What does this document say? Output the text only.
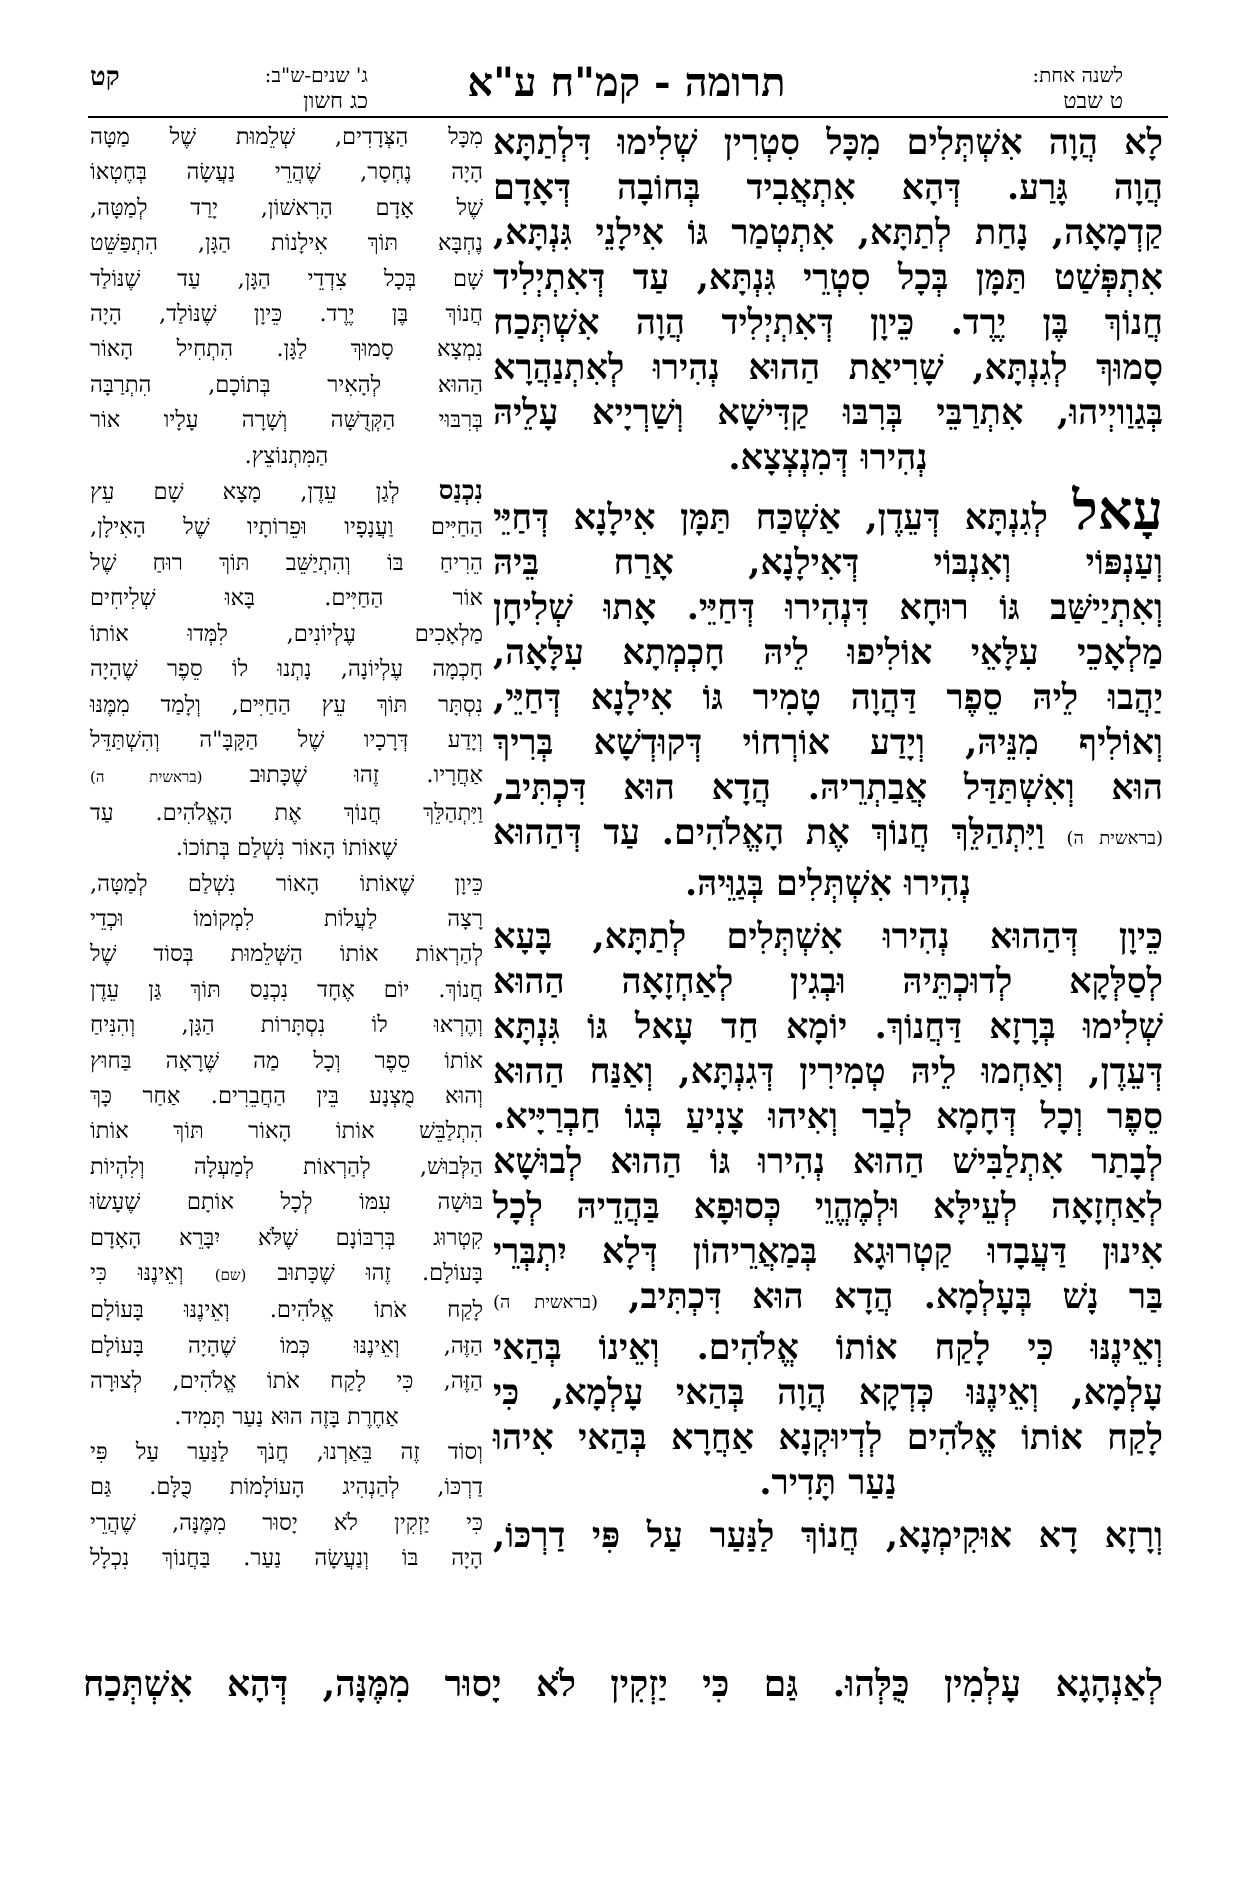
לשנה אחת:
ט שבט
תרומה - קמ"ח ע"א
ג' שנים-ש"ב:
כג חשון
קט

לָא הֲוָה אִשְׁתְּלִים מִכָּל סִטְרִין שְׁלִימוּ דִּלְתַתָּא

הֲוָה גָּרַע. דְּהָא אִתְאֲבִיד בְּחוֹבָה דְּאָדָם

קַדְמָאָה, נָחַת לְתַתָּא, אִתְטְמַר גּוֹ אִילָנֵי גִּנְתָּא,

אִתְפְּשַׁט תַּמָּן בְּכָל סִטְרֵי גִּנְתָּא, עַד דְּאִתְיְלִיד

חֲנוֹךְ בֶּן יֶרֶד. כֵּיוָן דְּאִתְיְלִיד הֲוָה אִשְׁתְּכַח

סָמוּךְ לְגִנְתָּא, שָׁרִיאַת הַהוּא נְהִירוּ לְאִתְנַהֲרָא

בְּגַוַויְיהוּ, אִתְרַבֵּי בְּרִבּוּ קַדִּישָׁא וְשַׁרְיָיא עָלֵיהּ

נְהִירוּ דְּמִנְצְצָא.

עָאל לְגִנְתָּא דְּעֵדֶן, אַשְׁכַּח תַּמָּן אִילָנָא דְּחַיֵּי

וְעַנְפּוֹי וְאִנְבּוֹי דְּאִילָנָא, אָרַח בֵּיהּ

וְאִתְיַישַּׁב גּוֹ רוּחָא דִּנְהִירוּ דְּחַיֵּי. אָתוּ שְׁלִיחָן

מַלְאָכֵי עִלָּאֵי אוֹלִיפוּ לֵיהּ חָכְמְתָא עִלָּאָה,

יַהֲבוּ לֵיהּ סֵפֶר דַּהֲוָה טָמִיר גּוֹ אִילָנָא דְּחַיֵּי,

וְאוֹלִיף מִנֵּיהּ, וְיָדַע אוֹרְחוֹי דְּקוּדְשָׁא בְּרִיךְ

הוּא וְאִשְׁתַּדַּל אֲבַתְרֵיהּ. הֲדָא הוּא דִּכְתִּיב,

(בראשית ה) וַיִּתְהַלֵּךְ חֲנוֹךְ אֶת הָאֱלֹהִים. עַד דְּהַהוּא

נְהִירוּ אִשְׁתְּלִים בְּגַוֵּיהּ.

כֵּיוָן דְּהַהוּא נְהִירוּ אִשְׁתְּלִים לְתַתָּא, בָּעָא

לְסַלְּקָא לְדוּכְתֵּיהּ וּבְגִין לְאַחְזָאָה הַהוּא

שְׁלִימוּ בְּרָזָא דַּחֲנוֹךְ. יוֹמָא חַד עָאל גּוֹ גִּנְתָּא

דְּעֵדֶן, וְאַחְמוּ לֵיהּ טְמִירִין דְּגִנְתָּא, וְאַנַּח הַהוּא

סֵפֶר וְכָל דְּחָמָא לְבַר וְאִיהוּ צָנִיעַ בְּגוֹ חַבְרַיָּיא.

לְבָתַר אִתְלַבִּישׁ הַהוּא נְהִירוּ גּוֹ הַהוּא לְבוּשָׁא

לְאַחְזָאָה לְעֵילָּא וּלְמֶהֱוֵי כְּסוּפָא בַּהֲדֵיהּ לְכָל

אִינוּן דַּעֲבָדוּ קַטְרוּגָא בְּמַאֲרֵיהוֹן דְּלָא יִתְבְּרֵי

בַּר נָשׁ בְּעָלְמָא. הֲדָא הוּא דִּכְתִּיב, (בראשית ה)

וְאֵינֶנּוּ כִּי לָקַח אוֹתוֹ אֱלֹהִים. וְאֵינוֹ בְּהַאי

עָלְמָא, וְאֵינֶנּוּ כְּדְקָא הֲוָה בְּהַאי עָלְמָא, כִּי

לָקַח אוֹתוֹ אֱלֹהִים לְדְיוּקְנָא אַחֲרָא בְּהַאי אִיהוּ

נַעַר תָּדִיר.

וְרָזָא דָא אוּקִימְנָא, חֲנוֹךְ לַנַּעַר עַל פִּי דַרְכּוֹ,

מִכָּל הַצְּדָדִים, שְׁלֵמוּת שֶׁל מַטָּה

הָיָה נֶחְסָר, שֶׁהֲרֵי נַעֲשָׂה בְּחֶטְאוֹ

שֶׁל אָדָם הָרִאשׁוֹן, יָרַד לְמַטָּה,

נֶחְבָּא תּוֹךְ אִילָנוֹת הַגָּן, הִתְפַּשֵּׁט

שָׁם בְּכָל צִדְדֵי הַגָּן, עַד שֶׁנּוֹלַד

חֲנוֹךְ בֶּן יֶרֶד. כֵּיוָן שֶׁנּוֹלַד, הָיָה

נִמְצָא סָמוּךְ לַגָּן. הִתְחִיל הָאוֹר

הַהוּא לְהָאִיר בְּתוֹכָם, הִתְרַבָּה

בְּרִבּוּי הַקְּדֻשָּׁה וְשָׁרָה עָלָיו אוֹר

הַמִּתְנוֹצֵץ.

נִכְנַס לְגַן עֵדֶן, מָצָא שָׁם עֵץ

הַחַיִּים וַעֲנָפָיו וּפֵרוֹתָיו שֶׁל הָאִילָן,

הֵרִיחַ בּוֹ וְהִתְיַשֵּׁב תּוֹךְ רוּחַ שֶׁל

אוֹר הַחַיִּים. בָּאוּ שְׁלִיחִים

מַלְאָכִים עֶלְיוֹנִים, לִמְּדוּ אוֹתוֹ

חָכְמָה עֶלְיוֹנָה, נָתְנוּ לוֹ סֵפֶר שֶׁהָיָה

נִסְתָּר תּוֹךְ עֵץ הַחַיִּים, וְלָמַד מִמֶּנּוּ

וְיָדַע דְּרָכָיו שֶׁל הַקָּבָּ"ה וְהִשְׁתַּדֵּל

אַחֲרָיו. זֶהוּ שֶׁכָּתוּב (בראשית ה)

וַיִּתְהַלֵּךְ חֲנוֹךְ אֶת הָאֱלֹהִים. עַד

שֶׁאוֹתוֹ הָאוֹר נִשְׁלַם בְּתוֹכוֹ.

כֵּיוָן שֶׁאוֹתוֹ הָאוֹר נִשְׁלַם לְמַטָּה,

רָצָה לַעֲלוֹת לִמְקוֹמוֹ וּכְדֵי

לְהַרְאוֹת אוֹתוֹ הַשְּׁלֵמוּת בְּסוֹד שֶׁל

חֲנוֹךְ. יוֹם אֶחָד נִכְנַס תּוֹךְ גַּן עֵדֶן

וְהֶרְאוּ לוֹ נִסְתָּרוֹת הַגָּן, וְהִנִּיחַ

אוֹתוֹ סֵפֶר וְכָל מַה שֶּׁרָאָה בַּחוּץ

וְהוּא מֻצְנָע בֵּין הַחֲבֵרִים. אַחַר כָּךְ

הִתְלַבֵּשׁ אוֹתוֹ הָאוֹר תּוֹךְ אוֹתוֹ

הַלְּבוּשׁ, לְהַרְאוֹת לְמַעְלָה וְלִהְיוֹת

בּוּשָׁה עִמּוֹ לְכָל אוֹתָם שֶׁעָשׂוּ

קִטְרוּג בְּרִבּוֹנָם שֶׁלֹּא יִבָּרֵא הָאָדָם

בָּעוֹלָם. זֶהוּ שֶׁכָּתוּב (שם) וְאֵינֶנּוּ כִּי

לָקַח אֹתוֹ אֱלֹהִים. וְאֵינֶנּוּ בָּעוֹלָם

הַזֶּה, וְאֵינֶנּוּ כְּמוֹ שֶׁהָיָה בָּעוֹלָם

הַזֶּה, כִּי לָקַח אֹתוֹ אֱלֹהִים, לְצוּרָה

אַחֶרֶת בָּזֶה הוּא נַעַר תָּמִיד.

וְסוֹד זֶה בֵּאַרְנוּ, חֲנֹךְ לַנַּעַר עַל פִּי

דַרְכּוֹ, לְהַנְהִיג הָעוֹלָמוֹת כֻּלָּם. גַּם

כִּי יַזְקִין לֹא יָסוּר מִמֶּנָּה, שֶׁהֲרֵי

הָיָה בּוֹ וְנַעֲשָׂה נַעַר. בַּחֲנוֹךְ נִכְלָל

לְאַנְהָגָא עָלְמִין כֻּלְּהוּ. גַּם כִּי יַזְקִין לֹא יָסוּר מִמֶּנָּה, דְּהָא אִשְׁתְּכַח
